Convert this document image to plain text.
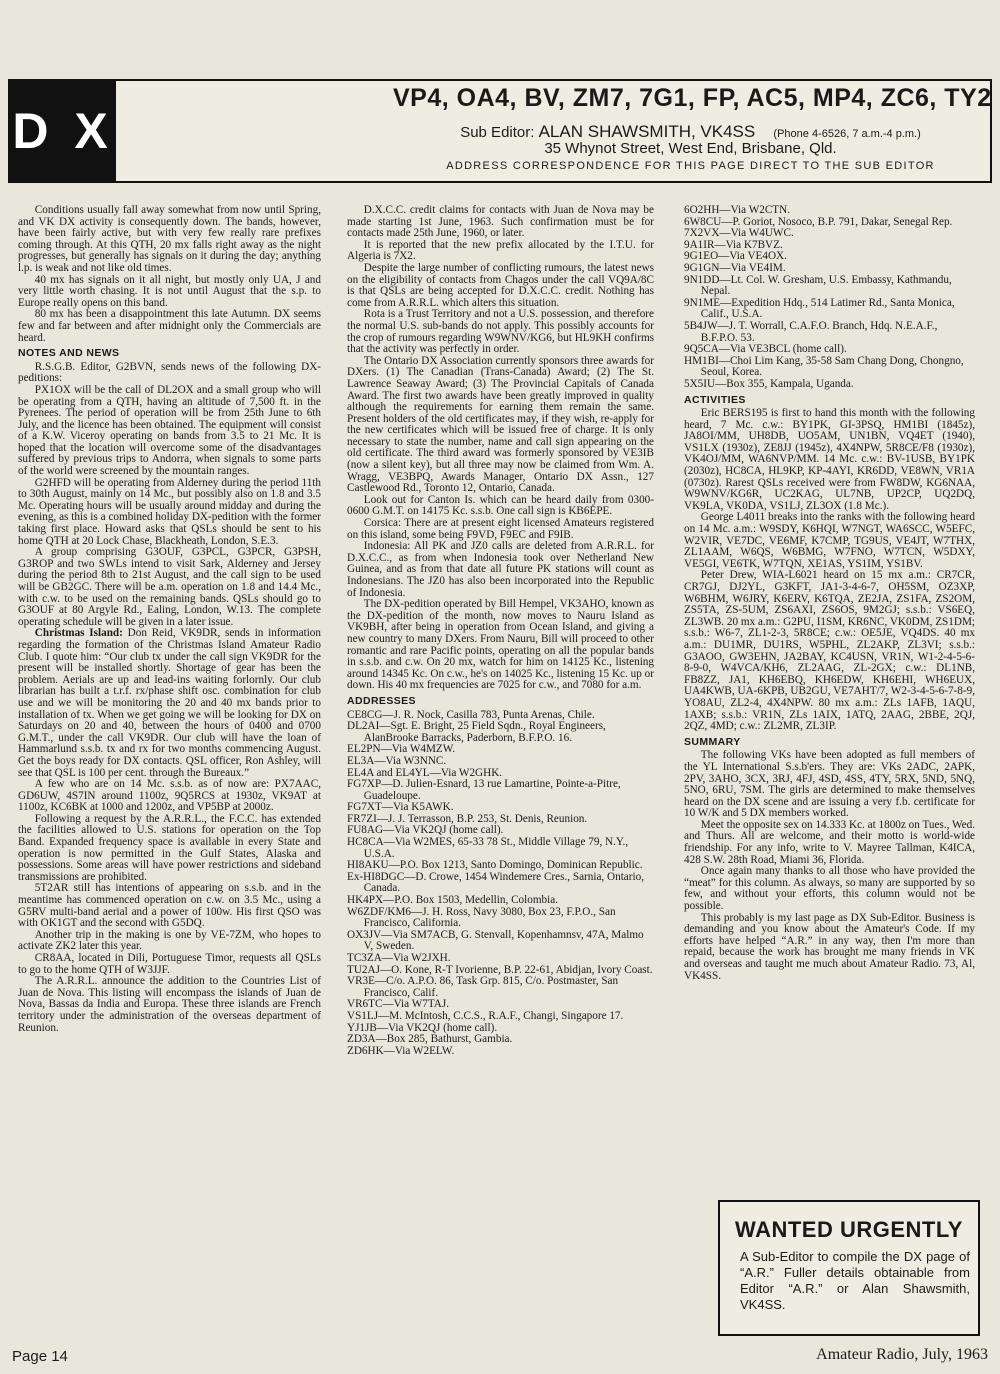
D X
VP4, OA4, BV, ZM7, 7G1, FP, AC5, MP4, ZC6, TY2
Sub Editor: ALAN SHAWSMITH, VK4SS (Phone 4-6526, 7 a.m.-4 p.m.)
35 Whynot Street, West End, Brisbane, Qld.
ADDRESS CORRESPONDENCE FOR THIS PAGE DIRECT TO THE SUB EDITOR

Conditions usually fall away somewhat from now until Spring, and VK DX activity is consequently down. The bands, however, have been fairly active, but with very few really rare prefixes coming through. At this QTH, 20 mx falls right away as the night progresses, but generally has signals on it during the day; anything l.p. is weak and not like old times.

40 mx has signals on it all night, but mostly only UA, J and very little worth chasing. It is not until August that the s.p. to Europe really opens on this band.

80 mx has been a disappointment this late Autumn. DX seems few and far between and after midnight only the Commercials are heard.

NOTES AND NEWS

R.S.G.B. Editor, G2BVN, sends news of the following DX-peditions:

PX1OX will be the call of DL2OX and a small group who will be operating from a QTH, having an altitude of 7,500 ft. in the Pyrenees. The period of operation will be from 25th June to 6th July, and the licence has been obtained. The equipment will consist of a K.W. Viceroy operating on bands from 3.5 to 21 Mc. It is hoped that the location will overcome some of the disadvantages suffered by previous trips to Andorra, when signals to some parts of the world were screened by the mountain ranges.

G2HFD will be operating from Alderney during the period 11th to 30th August, mainly on 14 Mc., but possibly also on 1.8 and 3.5 Mc. Operating hours will be usually around midday and during the evening, as this is a combined holiday DX-pedition with the former taking first place. Howard asks that QSLs should be sent to his home QTH at 20 Lock Chase, Blackheath, London, S.E.3.

A group comprising G3OUF, G3PCL, G3PCR, G3PSH, G3ROP and two SWLs intend to visit Sark, Alderney and Jersey during the period 8th to 21st August, and the call sign to be used will be GB2GC. There will be a.m. operation on 1.8 and 14.4 Mc., with c.w. to be used on the remaining bands. QSLs should go to G3OUF at 80 Argyle Rd., Ealing, London, W.13. The complete operating schedule will be given in a later issue.

Christmas Island: Don Reid, VK9DR, sends in information regarding the formation of the Christmas Island Amateur Radio Club. I quote him: “Our club tx under the call sign VK9DR for the present will be installed shortly. Shortage of gear has been the problem. Aerials are up and lead-ins waiting forlornly. Our club librarian has built a t.r.f. rx/phase shift osc. combination for club use and we will be monitoring the 20 and 40 mx bands prior to installation of tx. When we get going we will be looking for DX on Saturdays on 20 and 40, between the hours of 0400 and 0700 G.M.T., under the call VK9DR. Our club will have the loan of Hammarlund s.s.b. tx and rx for two months commencing August. Get the boys ready for DX contacts. QSL officer, Ron Ashley, will see that QSL is 100 per cent. through the Bureaux.”

A few who are on 14 Mc. s.s.b. as of now are: PX7AAC, GD6UW, 4S7IN around 1100z, 9Q5RCS at 1930z, VK9AT at 1100z, KC6BK at 1000 and 1200z, and VP5BP at 2000z.

Following a request by the A.R.R.L., the F.C.C. has extended the facilities allowed to U.S. stations for operation on the Top Band. Expanded frequency space is available in every State and operation is now permitted in the Gulf States, Alaska and possessions. Some areas will have power restrictions and sideband transmissions are prohibited.

5T2AR still has intentions of appearing on s.s.b. and in the meantime has commenced operation on c.w. on 3.5 Mc., using a G5RV multi-band aerial and a power of 100w. His first QSO was with OK1GT and the second with G5DQ.

Another trip in the making is one by VE-7ZM, who hopes to activate ZK2 later this year.

CR8AA, located in Dili, Portuguese Timor, requests all QSLs to go to the home QTH of W3JJF.

The A.R.R.L. announce the addition to the Countries List of Juan de Nova. This listing will encompass the islands of Juan de Nova, Bassas da India and Europa. These three islands are French territory under the administration of the overseas department of Reunion.

D.X.C.C. credit claims for contacts with Juan de Nova may be made starting 1st June, 1963. Such confirmation must be for contacts made 25th June, 1960, or later.

It is reported that the new prefix allocated by the I.T.U. for Algeria is 7X2.

Despite the large number of conflicting rumours, the latest news on the eligibility of contacts from Chagos under the call VQ9A/8C is that QSLs are being accepted for D.X.C.C. credit. Nothing has come from A.R.R.L. which alters this situation.

Rota is a Trust Territory and not a U.S. possession, and therefore the normal U.S. sub-bands do not apply. This possibly accounts for the crop of rumours regarding W9WNV/KG6, but HL9KH confirms that the activity was perfectly in order.

The Ontario DX Association currently sponsors three awards for DXers. (1) The Canadian (Trans-Canada) Award; (2) The St. Lawrence Seaway Award; (3) The Provincial Capitals of Canada Award. The first two awards have been greatly improved in quality although the requirements for earning them remain the same. Present holders of the old certificates may, if they wish, re-apply for the new certificates which will be issued free of charge. It is only necessary to state the number, name and call sign appearing on the old certificate. The third award was formerly sponsored by VE3IB (now a silent key), but all three may now be claimed from Wm. A. Wragg, VE3BPQ, Awards Manager, Ontario DX Assn., 127 Castlewood Rd., Toronto 12, Ontario, Canada.

Look out for Canton Is. which can be heard daily from 0300-0600 G.M.T. on 14175 Kc. s.s.b. One call sign is KB6EPE.

Corsica: There are at present eight licensed Amateurs registered on this island, some being F9VD, F9EC and F9IB.

Indonesia: All PK and JZ0 calls are deleted from A.R.R.L. for D.X.C.C., as from when Indonesia took over Netherland New Guinea, and as from that date all future PK stations will count as Indonesians. The JZ0 has also been incorporated into the Republic of Indonesia.

The DX-pedition operated by Bill Hempel, VK3AHO, known as the DX-pedition of the month, now moves to Nauru Island as VK9BH, after being in operation from Ocean Island, and giving a new country to many DXers. From Nauru, Bill will proceed to other romantic and rare Pacific points, operating on all the popular bands in s.s.b. and c.w. On 20 mx, watch for him on 14125 Kc., listening around 14345 Kc. On c.w., he's on 14025 Kc., listening 15 Kc. up or down. His 40 mx frequencies are 7025 for c.w., and 7080 for a.m.

ADDRESSES
CE8CG—J. R. Nock, Casilla 783, Punta Arenas, Chile.
DL2AI—Sgt. E. Bright, 25 Field Sqdn., Royal Engineers, AlanBrooke Barracks, Paderborn, B.F.P.O. 16.
EL2PN—Via W4MZW.
EL3A—Via W3NNC.
EL4A and EL4YL—Via W2GHK.
FG7XP—D. Julien-Esnard, 13 rue Lamartine, Pointe-a-Pitre, Guadeloupe.
FG7XT—Via K5AWK.
FR7ZI—J. J. Terrasson, B.P. 253, St. Denis, Reunion.
FU8AG—Via VK2QJ (home call).
HC8CA—Via W2MES, 65-33 78 St., Middle Village 79, N.Y., U.S.A.
HI8AKU—P.O. Box 1213, Santo Domingo, Dominican Republic.
Ex-HI8DGC—D. Crowe, 1454 Windemere Cres., Sarnia, Ontario, Canada.
HK4PX—P.O. Box 1503, Medellin, Colombia.
W6ZDF/KM6—J. H. Ross, Navy 3080, Box 23, F.P.O., San Francisco, California.
OX3JV—Via SM7ACB, G. Stenvall, Kopenhamnsv, 47A, Malmo V, Sweden.
TC3ZA—Via W2JXH.
TU2AJ—O. Kone, R-T Ivorienne, B.P. 22-61, Abidjan, Ivory Coast.
VR3E—C/o. A.P.O. 86, Task Grp. 815, C/o. Postmaster, San Francisco, Calif.
VR6TC—Via W7TAJ.
VS1LJ—M. McIntosh, C.C.S., R.A.F., Changi, Singapore 17.
YJ1JB—Via VK2QJ (home call).
ZD3A—Box 285, Bathurst, Gambia.
ZD6HK—Via W2ELW.
6O2HH—Via W2CTN.
6W8CU—P. Goriot, Nosoco, B.P. 791, Dakar, Senegal Rep.
7X2VX—Via W4UWC.
9A1IR—Via K7BVZ.
9G1EO—Via VE4OX.
9G1GN—Via VE4IM.
9N1DD—Lt. Col. W. Gresham, U.S. Embassy, Kathmandu, Nepal.
9N1ME—Expedition Hdq., 514 Latimer Rd., Santa Monica, Calif., U.S.A.
5B4JW—J. T. Worrall, C.A.F.O. Branch, Hdq. N.E.A.F., B.F.P.O. 53.
9Q5CA—Via VE3BCL (home call).
HM1BI—Choi Lim Kang, 35-58 Sam Chang Dong, Chongno, Seoul, Korea.
5X5IU—Box 355, Kampala, Uganda.
ACTIVITIES

Eric BERS195 is first to hand this month with the following heard, 7 Mc. c.w.: BY1PK, GI-3PSQ, HM1BI (1845z), JA8OI/MM, UH8DB, UO5AM, UN1BN, VQ4ET (1940), VS1LX (1930z), ZE8JJ (1945z), 4X4NPW, 5R8CE/F8 (1930z), VK4OJ/MM, WA6NVP/MM. 14 Mc. c.w.: BV-1USB, BY1PK (2030z), HC8CA, HL9KP, KP-4AYI, KR6DD, VE8WN, VR1A (0730z). Rarest QSLs received were from FW8DW, KG6NAA, W9WNV/KG6R, UC2KAG, UL7NB, UP2CP, UQ2DQ, VK9LA, VK0DA, VS1LJ, ZL3OX (1.8 Mc.).

George L4011 breaks into the ranks with the following heard on 14 Mc. a.m.: W9SDY, K6HQI, W7NGT, WA6SCC, W5EFC, W2VIR, VE7DC, VE6MF, K7CMP, TG9US, VE4JT, W7THX, ZL1AAM, W6QS, W6BMG, W7FNO, W7TCN, W5DXY, VE5GI, VE6TK, W7TQN, XE1AS, YS1IM, YS1BV.

Peter Drew, WIA-L6021 heard on 15 mx a.m.: CR7CR, CR7GJ, DJ2YL, G3KFT, JA1-3-4-6-7, OH5SM, OZ3XP, W6BHM, W6JRY, K6ERV, K6TQA, ZE2JA, ZS1FA, ZS2OM, ZS5TA, ZS-5UM, ZS6AXI, ZS6OS, 9M2GJ; s.s.b.: VS6EQ, ZL3WB. 20 mx a.m.: G2PU, I1SM, KR6NC, VK0DM, ZS1DM; s.s.b.: W6-7, ZL1-2-3, 5R8CE; c.w.: OE5JE, VQ4DS. 40 mx a.m.: DU1MR, DU1RS, W5PHL, ZL2AKP, ZL3VI; s.s.b.: G3AOO, GW3EHN, JA2BAY, KC4USN, VR1N, W1-2-4-5-6-8-9-0, W4VCA/KH6, ZL2AAG, ZL-2GX; c.w.: DL1NB, FB8ZZ, JA1, KH6EBQ, KH6EDW, KH6EHI, WH6EUX, UA4KWB, UA-6KPB, UB2GU, VE7AHT/7, W2-3-4-5-6-7-8-9, YO8AU, ZL2-4, 4X4NPW. 80 mx a.m.: ZLs 1AFB, 1AQU, 1AXB; s.s.b.: VR1N, ZLs 1AIX, 1ATQ, 2AAG, 2BBE, 2QJ, 2QZ, 4MD; c.w.: ZL2MR, ZL3IP.

SUMMARY

The following VKs have been adopted as full members of the YL International S.s.b'ers. They are: VKs 2ADC, 2APK, 2PV, 3AHO, 3CX, 3RJ, 4FJ, 4SD, 4SS, 4TY, 5RX, 5ND, 5NQ, 5NO, 6RU, 7SM. The girls are determined to make themselves heard on the DX scene and are issuing a very f.b. certificate for 10 W/K and 5 DX members worked.

Meet the opposite sex on 14.333 Kc. at 1800z on Tues., Wed. and Thurs. All are welcome, and their motto is world-wide friendship. For any info, write to V. Mayree Tallman, K4ICA, 428 S.W. 28th Road, Miami 36, Florida.

Once again many thanks to all those who have provided the “meat” for this column. As always, so many are supported by so few, and without your efforts, this column would not be possible.

This probably is my last page as DX Sub-Editor. Business is demanding and you know about the Amateur's Code. If my efforts have helped “A.R.” in any way, then I'm more than repaid, because the work has brought me many friends in VK and overseas and taught me much about Amateur Radio. 73, Al, VK4SS.

WANTED URGENTLY
A Sub-Editor to compile the DX page of “A.R.” Fuller details obtainable from Editor “A.R.” or Alan Shawsmith, VK4SS.
Page 14	Amateur Radio, July, 1963
